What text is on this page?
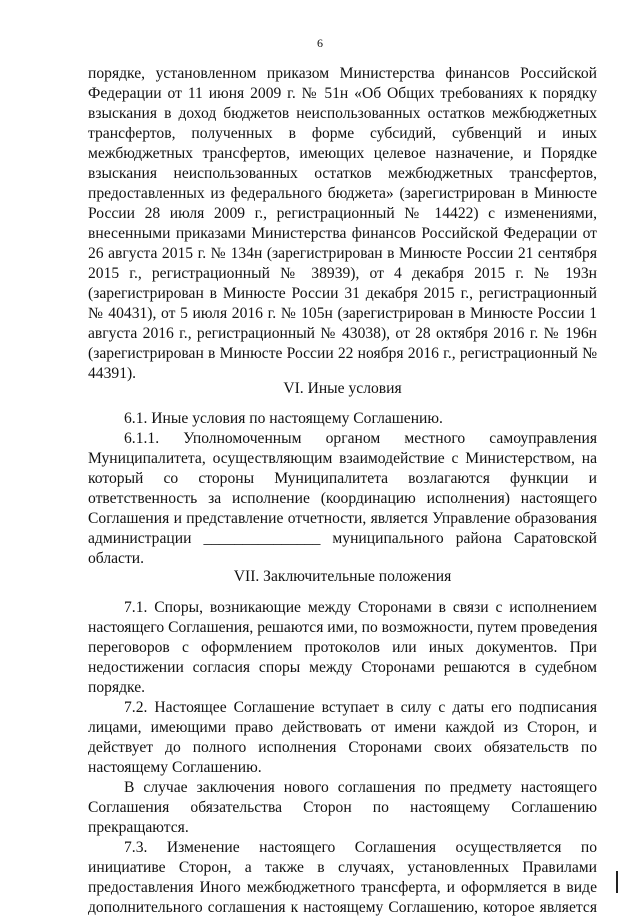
6
порядке, установленном приказом Министерства финансов Российской
Федерации от 11 июня 2009 г. № 51н «Об Общих требованиях к порядку
взыскания в доход бюджетов неиспользованных остатков межбюджетных
трансфертов, полученных в форме субсидий, субвенций и иных
межбюджетных трансфертов, имеющих целевое назначение, и Порядке
взыскания неиспользованных остатков межбюджетных трансфертов,
предоставленных из федерального бюджета» (зарегистрирован в Минюсте
России 28 июля 2009 г., регистрационный № 14422) с изменениями,
внесенными приказами Министерства финансов Российской Федерации от
26 августа 2015 г. № 134н (зарегистрирован в Минюсте России 21 сентября
2015 г., регистрационный № 38939), от 4 декабря 2015 г. № 193н
(зарегистрирован в Минюсте России 31 декабря 2015 г., регистрационный
№ 40431), от 5 июля 2016 г. № 105н (зарегистрирован в Минюсте России 1
августа 2016 г., регистрационный № 43038), от 28 октября 2016 г. № 196н
(зарегистрирован в Минюсте России 22 ноября 2016 г., регистрационный №
44391).
VI. Иные условия
6.1. Иные условия по настоящему Соглашению.
6.1.1. Уполномоченным органом местного самоуправления
Муниципалитета, осуществляющим взаимодействие с Министерством, на
который со стороны Муниципалитета возлагаются функции и
ответственность за исполнение (координацию исполнения) настоящего
Соглашения и представление отчетности, является Управление образования
администрации _______________ муниципального района Саратовской
области.
VII. Заключительные положения
7.1. Споры, возникающие между Сторонами в связи с исполнением
настоящего Соглашения, решаются ими, по возможности, путем проведения
переговоров с оформлением протоколов или иных документов. При
недостижении согласия споры между Сторонами решаются в судебном
порядке.
7.2. Настоящее Соглашение вступает в силу с даты его подписания
лицами, имеющими право действовать от имени каждой из Сторон, и
действует до полного исполнения Сторонами своих обязательств по
настоящему Соглашению.
В случае заключения нового соглашения по предмету настоящего
Соглашения обязательства Сторон по настоящему Соглашению
прекращаются.
7.3. Изменение настоящего Соглашения осуществляется по
инициативе Сторон, а также в случаях, установленных Правилами
предоставления Иного межбюджетного трансферта, и оформляется в виде
дополнительного соглашения к настоящему Соглашению, которое является
